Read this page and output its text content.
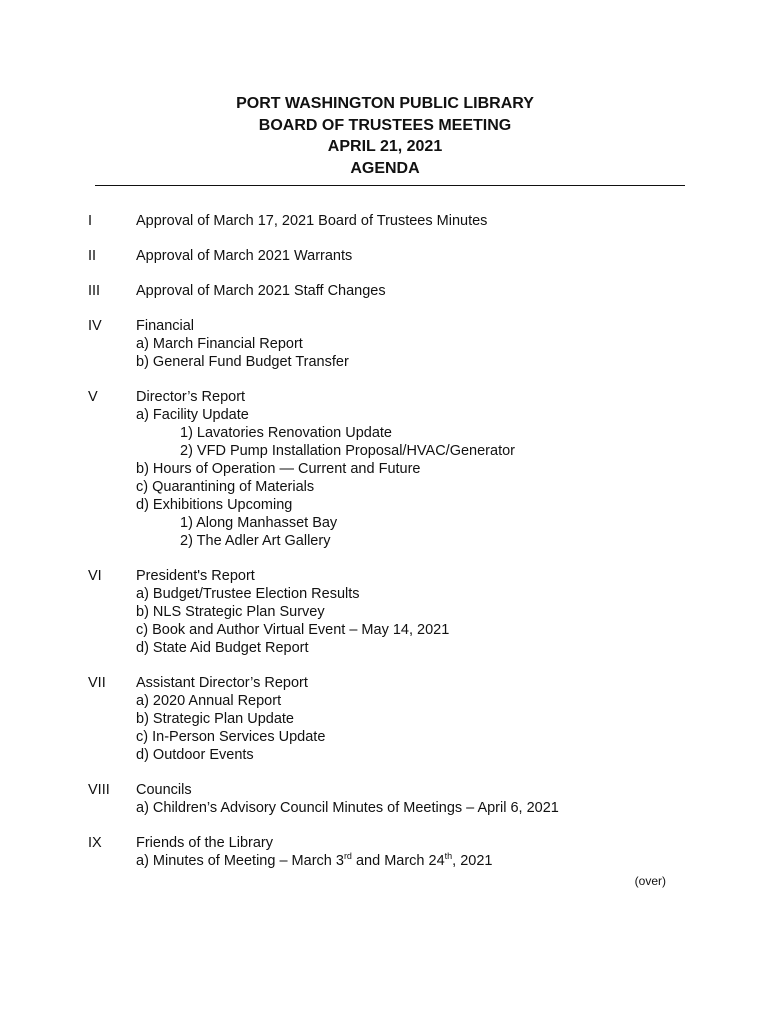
PORT WASHINGTON PUBLIC LIBRARY
BOARD OF TRUSTEES MEETING
APRIL 21, 2021
AGENDA
I	Approval of March 17, 2021 Board of Trustees Minutes
II	Approval of March 2021 Warrants
III Approval of March 2021 Staff Changes
IV Financial
a) March Financial Report
b) General Fund Budget Transfer
V	Director’s Report
a) Facility Update
1) Lavatories Renovation Update
2) VFD Pump Installation Proposal/HVAC/Generator
b) Hours of Operation — Current and Future
c) Quarantining of Materials
d) Exhibitions Upcoming
1) Along Manhasset Bay
2) The Adler Art Gallery
VI President's Report
a) Budget/Trustee Election Results
b) NLS Strategic Plan Survey
c) Book and Author Virtual Event – May 14, 2021
d) State Aid Budget Report
VII Assistant Director’s Report
a) 2020 Annual Report
b) Strategic Plan Update
c) In-Person Services Update
d) Outdoor Events
VIII Councils
a) Children’s Advisory Council Minutes of Meetings – April 6, 2021
IX Friends of the Library
a) Minutes of Meeting – March 3rd and March 24th, 2021
(over)
